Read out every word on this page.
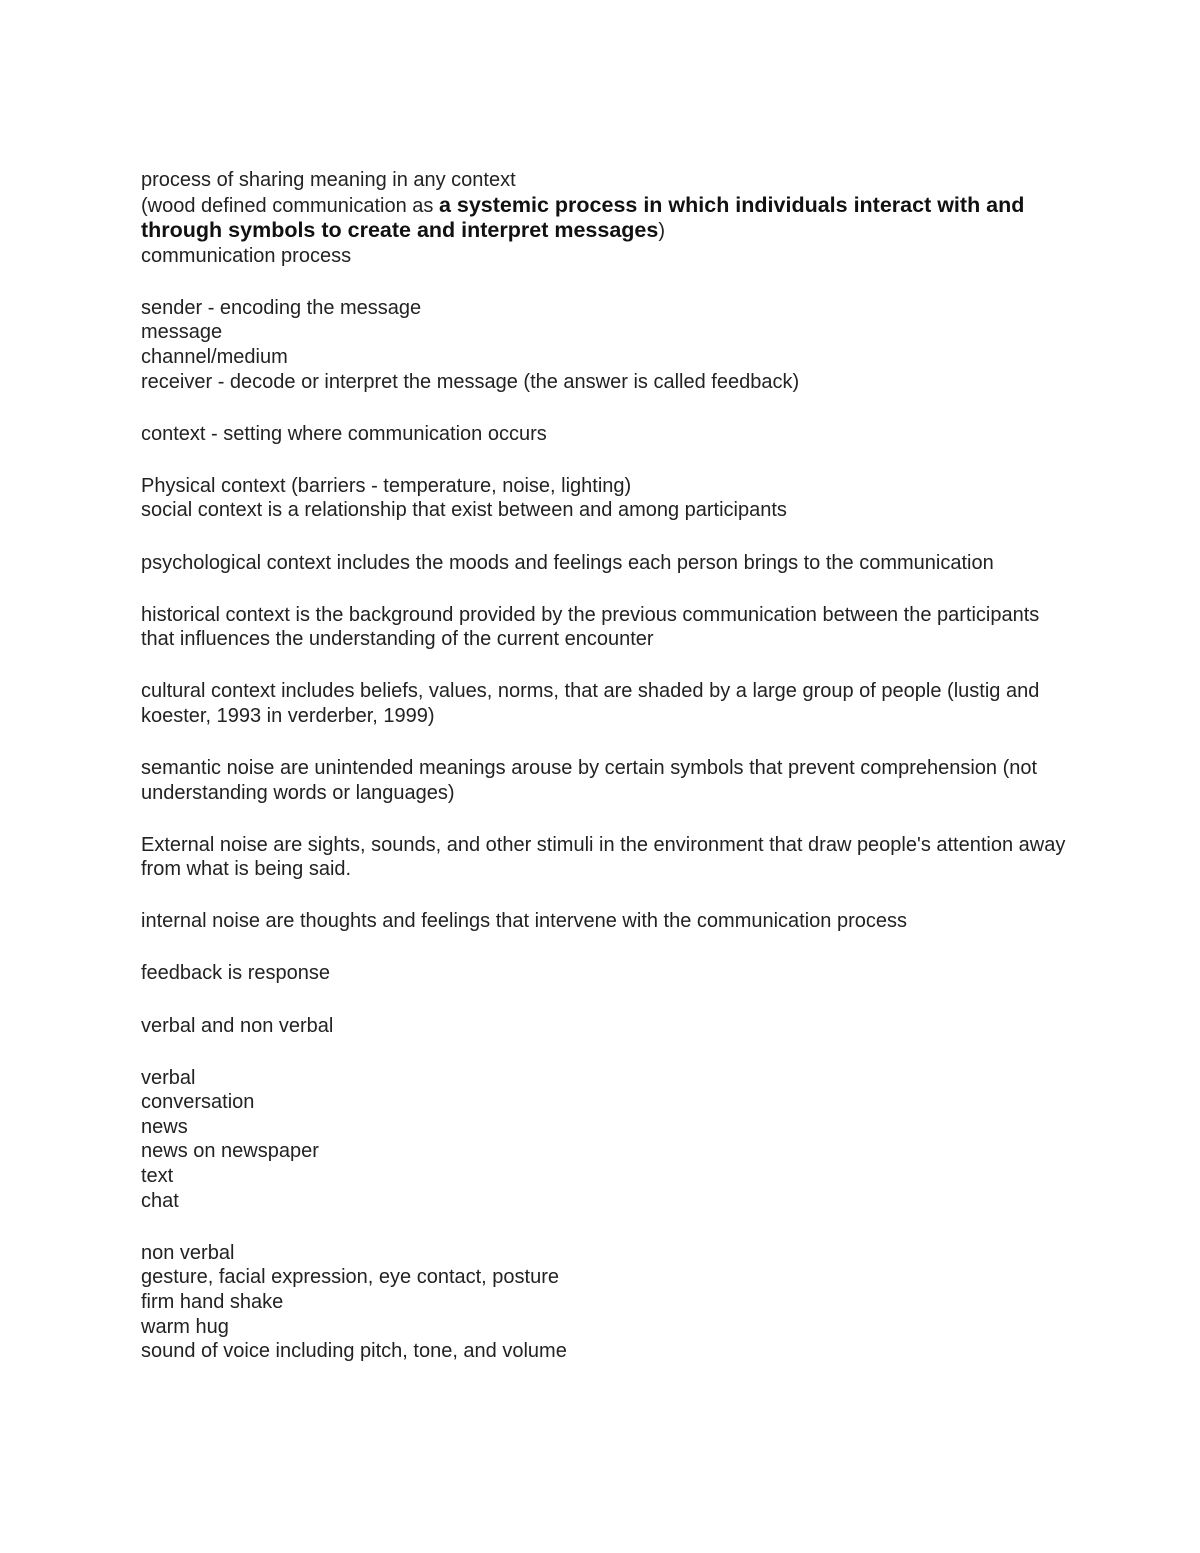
process of sharing meaning in any context

(wood defined communication as a systemic process in which individuals interact with and through symbols to create and interpret messages)

communication process
sender - encoding the message
message
channel/medium
receiver - decode or interpret the message (the answer is called feedback)
context - setting where communication occurs
Physical context (barriers - temperature, noise, lighting)
social context is a relationship that exist between and among participants
psychological context includes the moods and feelings each person brings to the communication
historical context is the background provided by the previous communication between the participants that influences the understanding of the current encounter
cultural context includes beliefs, values, norms, that are shaded by a large group of people (lustig and koester, 1993 in verderber, 1999)
semantic noise are unintended meanings arouse by certain symbols that prevent comprehension (not understanding words or languages)
External noise are sights, sounds, and other stimuli in the environment that draw people's attention away from what is being said.
internal noise are thoughts and feelings that intervene with the communication process
feedback is response
verbal and non verbal
verbal
conversation
news
news on newspaper
text
chat
non verbal
gesture, facial expression, eye contact, posture
firm hand shake
warm hug
sound of voice including pitch, tone, and volume
